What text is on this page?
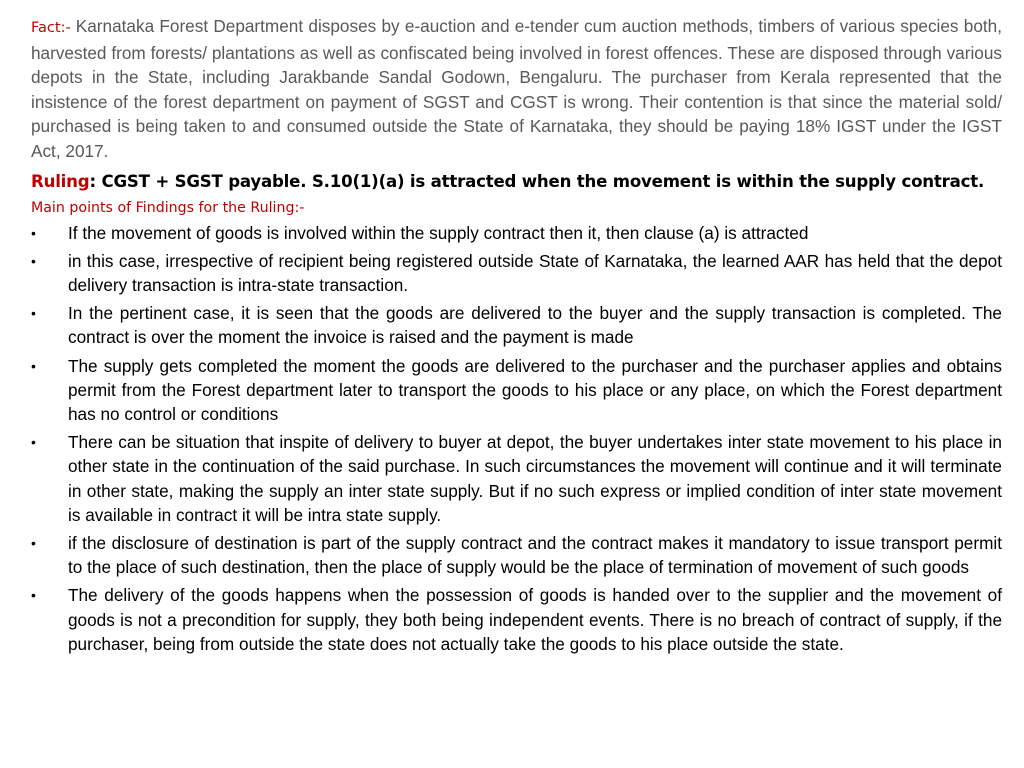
Fact:- Karnataka Forest Department disposes by e-auction and e-tender cum auction methods, timbers of various species both, harvested from forests/ plantations as well as confiscated being involved in forest offences. These are disposed through various depots in the State, including Jarakbande Sandal Godown, Bengaluru. The purchaser from Kerala represented that the insistence of the forest department on payment of SGST and CGST is wrong. Their contention is that since the material sold/ purchased is being taken to and consumed outside the State of Karnataka, they should be paying 18% IGST under the IGST Act, 2017.

Ruling: CGST + SGST payable. S.10(1)(a) is attracted when the movement is within the supply contract.

Main points of Findings for the Ruling:-

•	If the movement of goods is involved within the supply contract then it, then clause (a) is attracted
•	in this case, irrespective of recipient being registered outside State of Karnataka, the learned AAR has held that the depot delivery transaction is intra-state transaction.
•	In the pertinent case, it is seen that the goods are delivered to the buyer and the supply transaction is completed. The contract is over the moment the invoice is raised and the payment is made
•	The supply gets completed the moment the goods are delivered to the purchaser and the purchaser applies and obtains permit from the Forest department later to transport the goods to his place or any place, on which the Forest department has no control or conditions
•	There can be situation that inspite of delivery to buyer at depot, the buyer undertakes inter state movement to his place in other state in the continuation of the said purchase. In such circumstances the movement will continue and it will terminate in other state, making the supply an inter state supply. But if no such express or implied condition of inter state movement is available in contract it will be intra state supply.
•	if the disclosure of destination is part of the supply contract and the contract makes it mandatory to issue transport permit to the place of such destination, then the place of supply would be the place of termination of movement of such goods
•	The delivery of the goods happens when the possession of goods is handed over to the supplier and the movement of goods is not a precondition for supply, they both being independent events. There is no breach of contract of supply, if the purchaser, being from outside the state does not actually take the goods to his place outside the state.
